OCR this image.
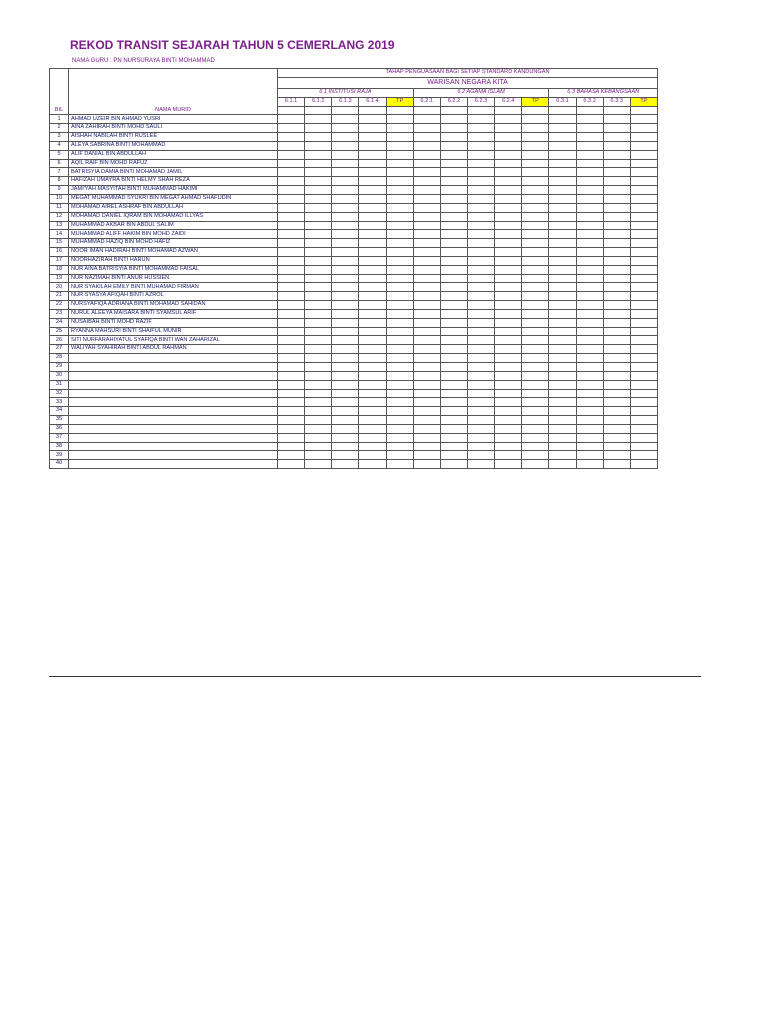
REKOD TRANSIT SEJARAH TAHUN 5 CEMERLANG 2019
NAMA GURU : PN NURSURAYA BINTI MOHAMMAD
BIL	NAMA MURID	TAHAP PENGUASAAN BAGI SETIAP STANDARD KANDUNGAN													
		WARISAN NEGARA KITA													
		6.1 INSTITUSI RAJA					6.2 AGAMA ISLAM					6.3 BAHASA KEBANGSAAN			
		6.1.1	6.1.2	6.1.3	6.1.4	TP	6.2.1	6.2.2	6.2.3	6.2.4	TP	6.3.1	6.3.2	6.3.3	TP

1	AHMAD UZEIR BIN AHMAD YUSRI														
2	AINA ZAHIRAH BINTI MOHD SAULI														
3	AISHAH NABILAH BINTI RUSLEE														
4	ALEYA SABRINA BINTI MOHAMMAD														
5	ALIF DANIAL BIN ABDULLAH														
6	AQIL RAIF BIN MOHD RAFUZ														
7	BATRISYIA DAMIA BINTI MOHAMAD JAMIL														
8	HAFIZAH UMAYRA BINTI HELMY SHAH REZA														
9	JAMI'YAH MASYITAH BINTI MUHAMMAD HAKIMI														
10	MEGAT MUHAMMAD SYUKRI BIN MEGAT AHMAD SHAFUDIN														
11	MOHAMAD AIREL ASHRAF BIN ABDULLAH														
12	MOHAMAD DANIEL IQRAM BIN MOHAMAD ILLYAS														
13	MUHAMMAD AKBAR BIN ABDUL SALIM														
14	MUHAMMAD ALIFF HAKIM BIN MOHD ZAIDI														
15	MUHAMMAD HAZIQ BIN MOHD HAFIZ														
16	NOOR IMAN HADIRAH BINTI MOHAMAD AZWAN														
17	NOORHAZIRAH BINTI HARUN														
18	NUR AINA BATRISYIA BINTI MOHAMMAD FAISAL														
19	NUR NAZIMAH BINTI ANUR HUSSIEN														
20	NUR SYAKILAH EMILY BINTI MUHAMAD FIRMAN														
21	NUR SYASYA AFIQAH BINTI AZROL														
22	NURSYAFIQA ADRIANA BINTI MOHAMAD SAHIDAN														
23	NURUL ALEEYA MAISARA BINTI SYAMSUL ARIF														
24	NUSAIBAH BINTI MOHD RAZIF														
25	RYANNA MAHSURI BINTI SHAIFUL MUNIR														
26	SITI NURFARAHIYATUL SYAFIQA BINTI WAN ZAHARIZAL														
27	WALIYAH SYAHIRAH BINTI ABDUL RAHMAN														
28															
29															
30															
31															
32															
33															
34															
35															
36															
37															
38															
39															
40															
